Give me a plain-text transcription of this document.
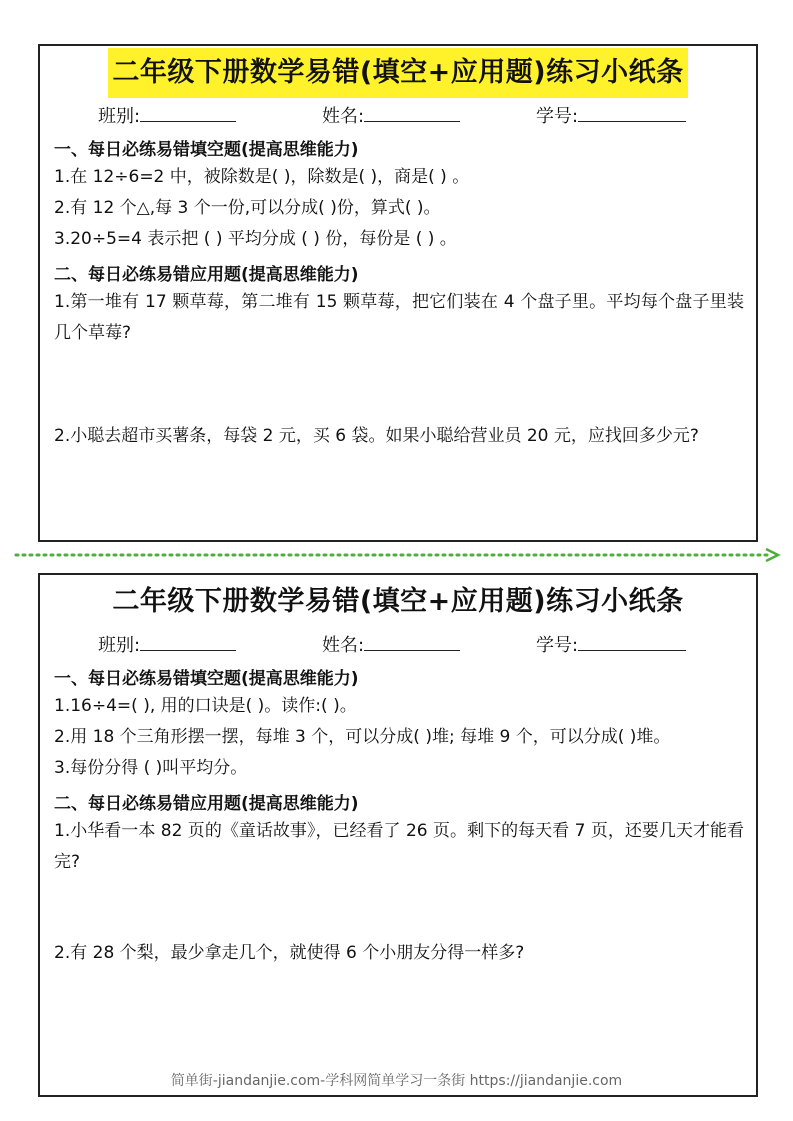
二年级下册数学易错(填空+应用题)练习小纸条
班别:	姓名:	学号:
一、每日必练易错填空题(提高思维能力)
1.在 12÷6=2 中，被除数是( )，除数是( )，商是( ) 。
2.有 12 个△,每 3 个一份,可以分成( )份，算式( )。
3.20÷5=4 表示把 ( ) 平均分成 ( ) 份，每份是 ( ) 。
二、每日必练易错应用题(提高思维能力)
1.第一堆有 17 颗草莓，第二堆有 15 颗草莓，把它们装在 4 个盘子里。平均每个盘子里装几个草莓?
2.小聪去超市买薯条，每袋 2 元，买 6 袋。如果小聪给营业员 20 元，应找回多少元?
二年级下册数学易错(填空+应用题)练习小纸条
班别:	姓名:	学号:
一、每日必练易错填空题(提高思维能力)
1.16÷4=( ), 用的口诀是( )。读作:( )。
2.用 18 个三角形摆一摆，每堆 3 个，可以分成( )堆; 每堆 9 个，可以分成( )堆。
3.每份分得 ( )叫平均分。
二、每日必练易错应用题(提高思维能力)
1.小华看一本 82 页的《童话故事》，已经看了 26 页。剩下的每天看 7 页，还要几天才能看完?
2.有 28 个梨，最少拿走几个，就使得 6 个小朋友分得一样多?
简单街-jiandanjie.com-学科网简单学习一条街 https://jiandanjie.com
